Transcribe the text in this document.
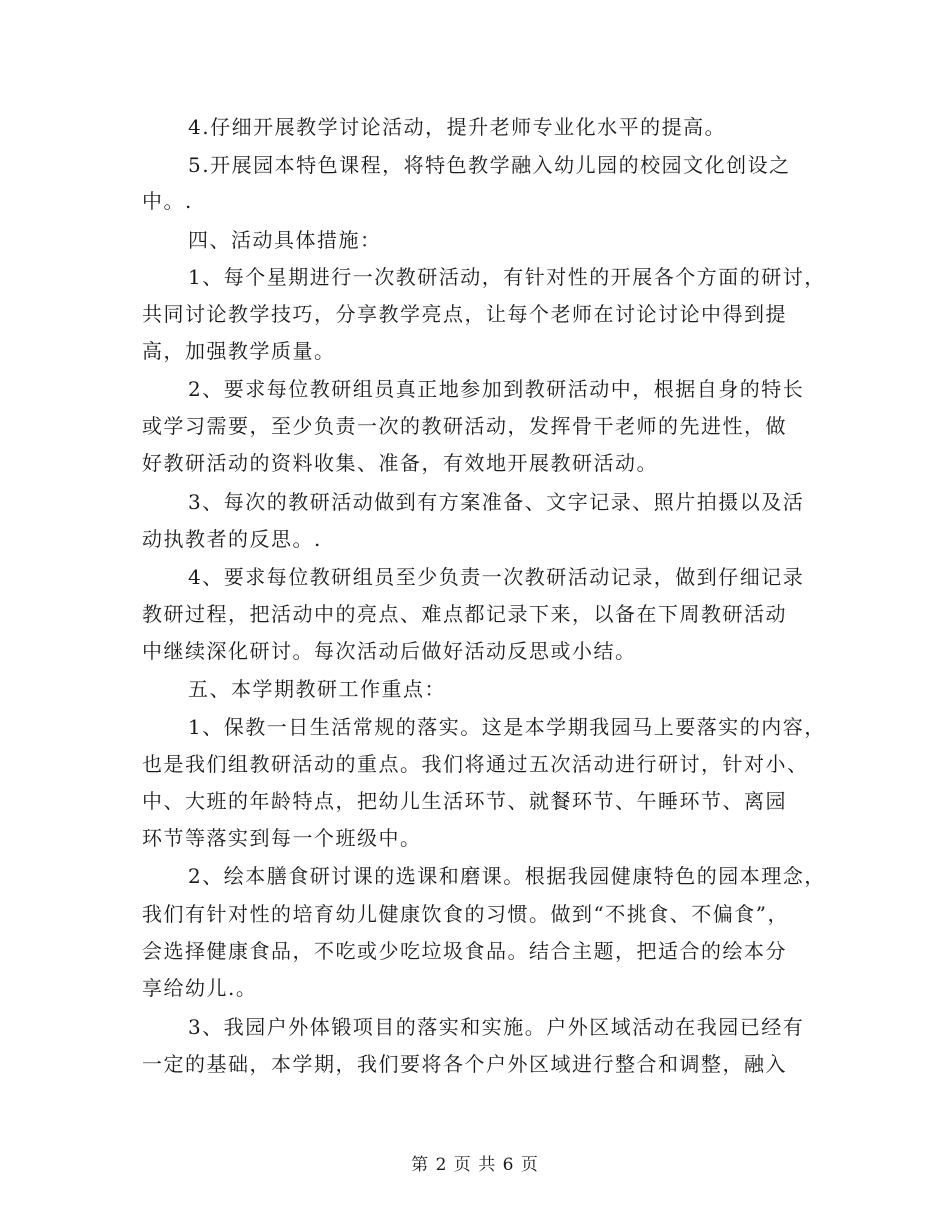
4.仔细开展教学讨论活动，提升老师专业化水平的提高。
5.开展园本特色课程，将特色教学融入幼儿园的校园文化创设之
中。.
四、活动具体措施：
1、每个星期进行一次教研活动，有针对性的开展各个方面的研讨，
共同讨论教学技巧，分享教学亮点，让每个老师在讨论讨论中得到提
高，加强教学质量。
2、要求每位教研组员真正地参加到教研活动中，根据自身的特长
或学习需要，至少负责一次的教研活动，发挥骨干老师的先进性，做
好教研活动的资料收集、准备，有效地开展教研活动。
3、每次的教研活动做到有方案准备、文字记录、照片拍摄以及活
动执教者的反思。.
4、要求每位教研组员至少负责一次教研活动记录，做到仔细记录
教研过程，把活动中的亮点、难点都记录下来，以备在下周教研活动
中继续深化研讨。每次活动后做好活动反思或小结。
五、本学期教研工作重点：
1、保教一日生活常规的落实。这是本学期我园马上要落实的内容，
也是我们组教研活动的重点。我们将通过五次活动进行研讨，针对小、
中、大班的年龄特点，把幼儿生活环节、就餐环节、午睡环节、离园
环节等落实到每一个班级中。
2、绘本膳食研讨课的选课和磨课。根据我园健康特色的园本理念，
我们有针对性的培育幼儿健康饮食的习惯。做到“不挑食、不偏食”，
会选择健康食品，不吃或少吃垃圾食品。结合主题，把适合的绘本分
享给幼儿.。
3、我园户外体锻项目的落实和实施。户外区域活动在我园已经有
一定的基础，本学期，我们要将各个户外区域进行整合和调整，融入
第 2 页 共 6 页
